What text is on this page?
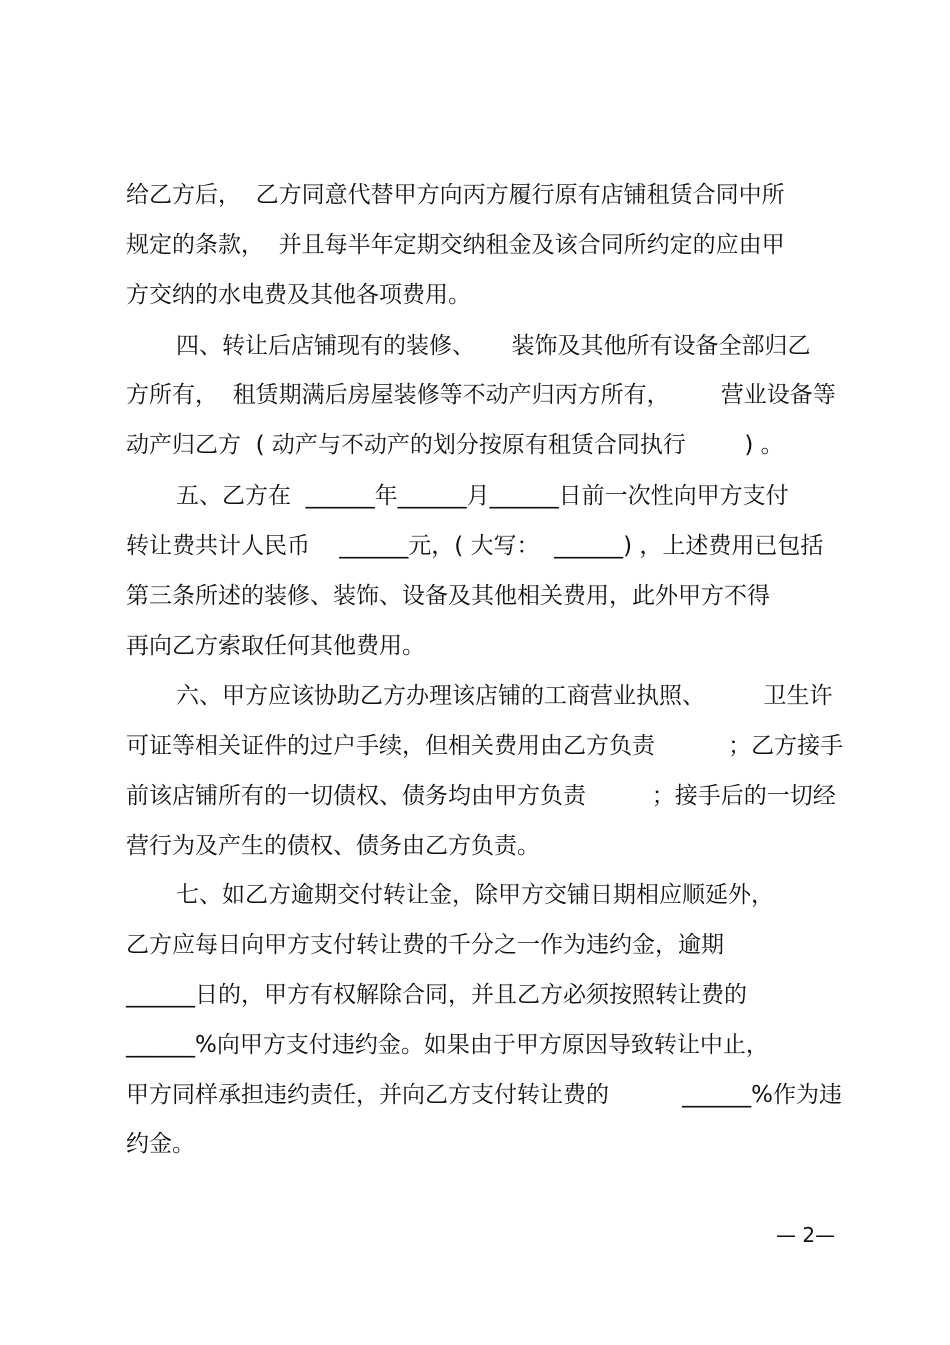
给乙方后，  乙方同意代替甲方向丙方履行原有店铺租赁合同中所
规定的条款，  并且每半年定期交纳租金及该合同所约定的应由甲
方交纳的水电费及其他各项费用。
四、转让后店铺现有的装修、     装饰及其他所有设备全部归乙
方所有，  租赁期满后房屋装修等不动产归丙方所有，       营业设备等
动产归乙方  ( 动产与不动产的划分按原有租赁合同执行        ) 。
五、乙方在  ______年______月______日前一次性向甲方支付
转让费共计人民币    ______元，( 大写：  ______) ，上述费用已包括
第三条所述的装修、装饰、设备及其他相关费用，此外甲方不得
再向乙方索取任何其他费用。
六、甲方应该协助乙方办理该店铺的工商营业执照、        卫生许
可证等相关证件的过户手续，但相关费用由乙方负责          ；乙方接手
前该店铺所有的一切债权、债务均由甲方负责         ；接手后的一切经
营行为及产生的债权、债务由乙方负责。
七、如乙方逾期交付转让金，除甲方交铺日期相应顺延外，
乙方应每日向甲方支付转让费的千分之一作为违约金，逾期
______日的，甲方有权解除合同，并且乙方必须按照转让费的
______%向甲方支付违约金。如果由于甲方原因导致转让中止，
甲方同样承担违约责任，并向乙方支付转让费的          ______%作为违
约金。
— 2—
